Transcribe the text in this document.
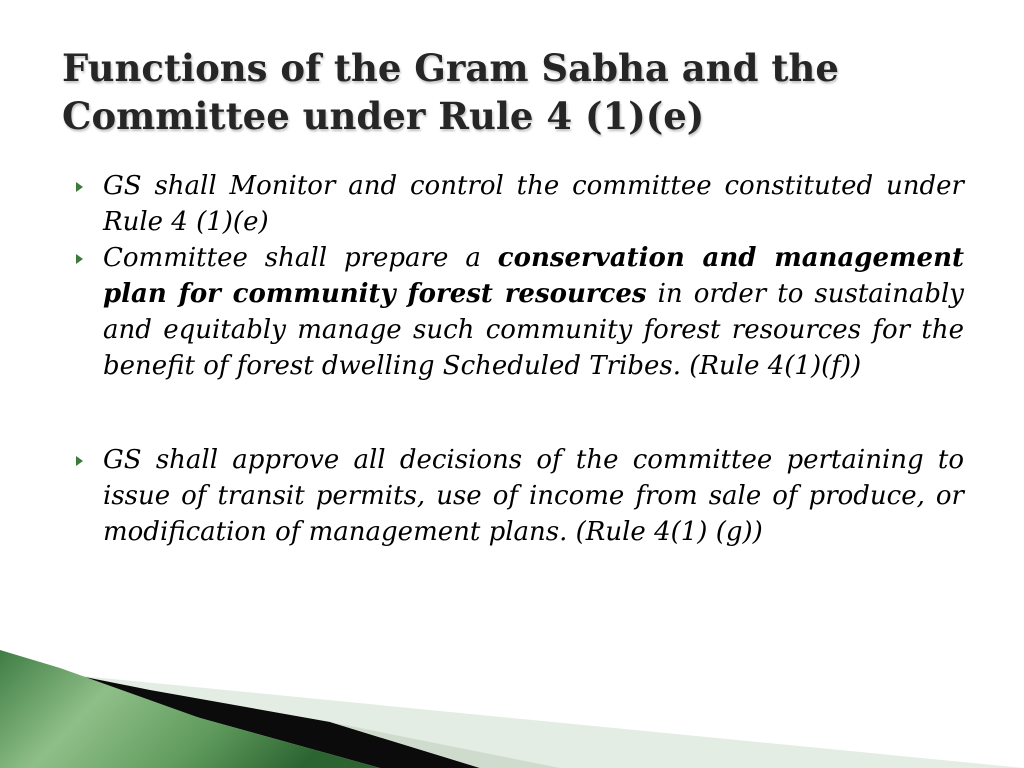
Functions of the Gram Sabha and the
Committee under Rule 4 (1)(e)

GS shall Monitor and control the committee constituted under Rule 4 (1)(e)

Committee shall prepare a conservation and management plan for community forest resources in order to sustainably and equitably manage such community forest resources for the benefit of forest dwelling Scheduled Tribes. (Rule 4(1)(f))

GS shall approve all decisions of the committee pertaining to issue of transit permits, use of income from sale of produce, or modification of management plans. (Rule 4(1) (g))
